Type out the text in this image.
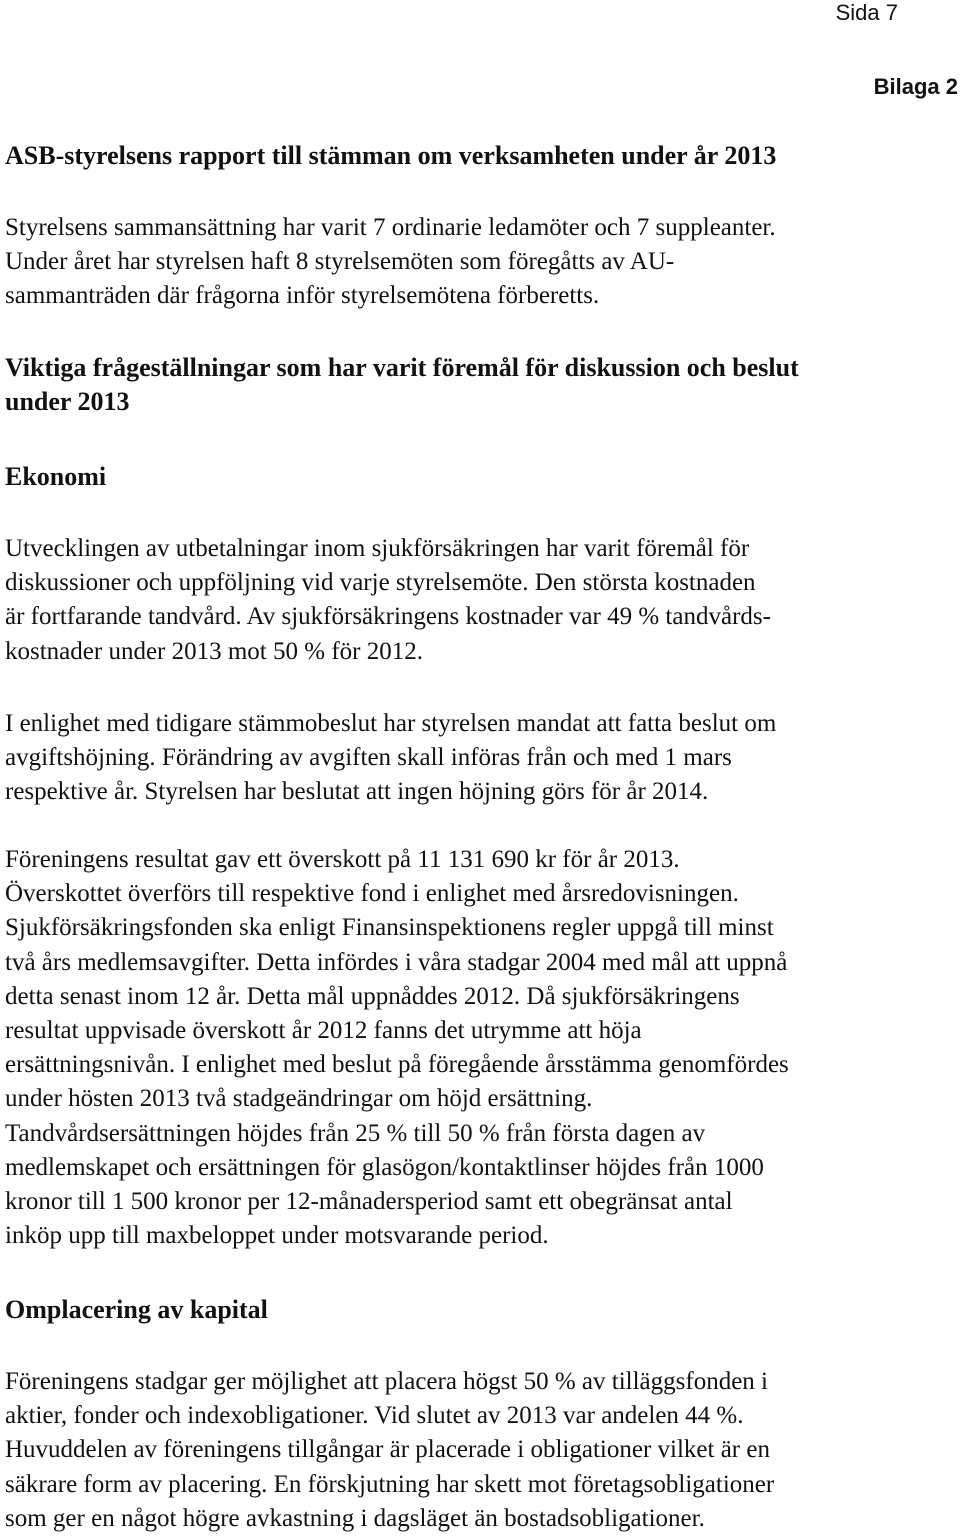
Sida 7
Bilaga 2
ASB-styrelsens rapport till stämman om verksamheten under år 2013
Styrelsens sammansättning har varit 7 ordinarie ledamöter och 7 suppleanter.
Under året har styrelsen haft 8 styrelsemöten som föregåtts av AU-
sammanträden där frågorna inför styrelsemötena förberetts.
Viktiga frågeställningar som har varit föremål för diskussion och beslut
under 2013
Ekonomi
Utvecklingen av utbetalningar inom sjukförsäkringen har varit föremål för
diskussioner och uppföljning vid varje styrelsemöte. Den största kostnaden
är fortfarande tandvård. Av sjukförsäkringens kostnader var 49 % tandvårds-
kostnader under 2013 mot 50 % för 2012.
I enlighet med tidigare stämmobeslut har styrelsen mandat att fatta beslut om
avgiftshöjning. Förändring av avgiften skall införas från och med 1 mars
respektive år. Styrelsen har beslutat att ingen höjning görs för år 2014.
Föreningens resultat gav ett överskott på 11 131 690 kr för år 2013.
Överskottet överförs till respektive fond i enlighet med årsredovisningen.
Sjukförsäkringsfonden ska enligt Finansinspektionens regler uppgå till minst
två års medlemsavgifter. Detta infördes i våra stadgar 2004 med mål att uppnå
detta senast inom 12 år. Detta mål uppnåddes 2012. Då sjukförsäkringens
resultat uppvisade överskott år 2012 fanns det utrymme att höja
ersättningsnivån. I enlighet med beslut på föregående årsstämma genomfördes
under hösten 2013 två stadgeändringar om höjd ersättning.
Tandvårdsersättningen höjdes från 25 % till 50 % från första dagen av
medlemskapet och ersättningen för glasögon/kontaktlinser höjdes från 1000
kronor till 1 500 kronor per 12-månadersperiod samt ett obegränsat antal
inköp upp till maxbeloppet under motsvarande period.
Omplacering av kapital
Föreningens stadgar ger möjlighet att placera högst 50 % av tilläggsfonden i
aktier, fonder och indexobligationer. Vid slutet av 2013 var andelen 44 %.
Huvuddelen av föreningens tillgångar är placerade i obligationer vilket är en
säkrare form av placering. En förskjutning har skett mot företagsobligationer
som ger en något högre avkastning i dagsläget än bostadsobligationer.
